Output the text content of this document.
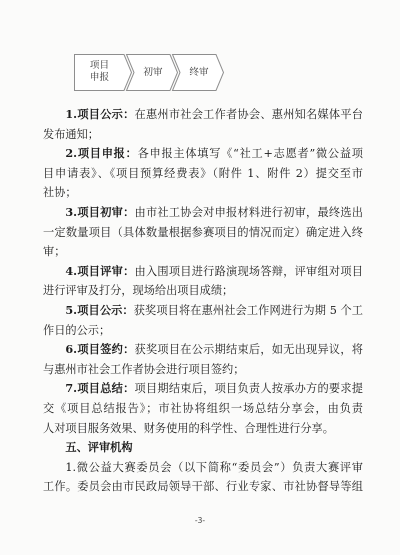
项目
申报	初审	终审
1.项目公示：在惠州市社会工作者协会、惠州知名媒体平台
发布通知；
2.项目申报：各申报主体填写《“社工+志愿者”微公益项
目申请表》、《项目预算经费表》（附件 1、附件 2）提交至市
社协；
3.项目初审：由市社工协会对申报材料进行初审，最终选出
一定数量项目（具体数量根据参赛项目的情况而定）确定进入终
审；
4.项目评审：由入围项目进行路演现场答辩，评审组对项目
进行评审及打分，现场给出项目成绩；
5.项目公示：获奖项目将在惠州社会工作网进行为期 5 个工
作日的公示；
6.项目签约：获奖项目在公示期结束后，如无出现异议，将
与惠州市社会工作者协会进行项目签约；
7.项目总结：项目期结束后，项目负责人按承办方的要求提
交《项目总结报告》；市社协将组织一场总结分享会，由负责
人对项目服务效果、财务使用的科学性、合理性进行分享。
五、评审机构
1.微公益大赛委员会（以下简称“委员会”）负责大赛评审
工作。委员会由市民政局领导干部、行业专家、市社协督导等组
-3-
